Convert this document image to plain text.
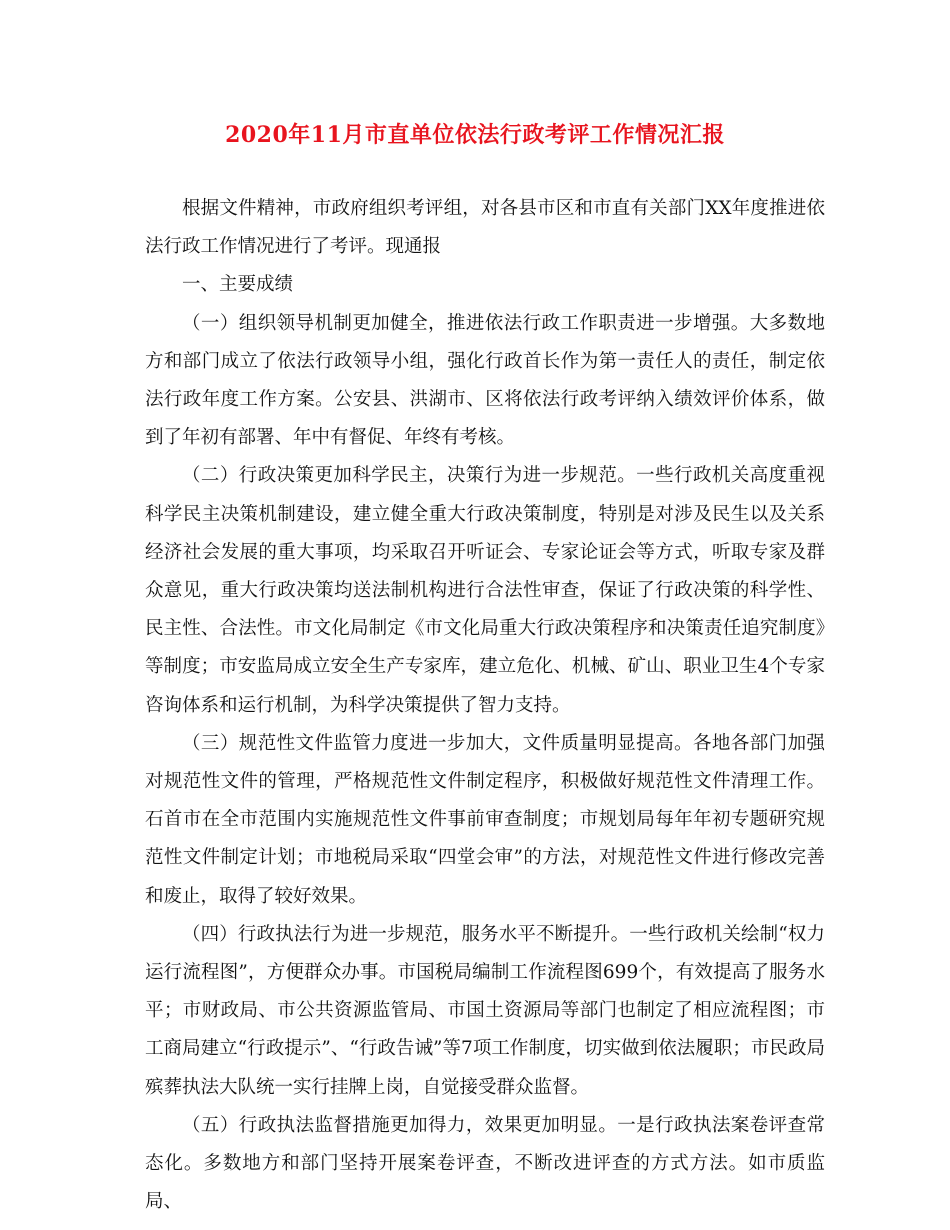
2020年11月市直单位依法行政考评工作情况汇报

根据文件精神，市政府组织考评组，对各县市区和市直有关部门XX年度推进依法行政工作情况进行了考评。现通报

一、主要成绩

（一）组织领导机制更加健全，推进依法行政工作职责进一步增强。大多数地方和部门成立了依法行政领导小组，强化行政首长作为第一责任人的责任，制定依法行政年度工作方案。公安县、洪湖市、区将依法行政考评纳入绩效评价体系，做到了年初有部署、年中有督促、年终有考核。

（二）行政决策更加科学民主，决策行为进一步规范。一些行政机关高度重视科学民主决策机制建设，建立健全重大行政决策制度，特别是对涉及民生以及关系经济社会发展的重大事项，均采取召开听证会、专家论证会等方式，听取专家及群众意见，重大行政决策均送法制机构进行合法性审查，保证了行政决策的科学性、民主性、合法性。市文化局制定《市文化局重大行政决策程序和决策责任追究制度》等制度；市安监局成立安全生产专家库，建立危化、机械、矿山、职业卫生4个专家咨询体系和运行机制，为科学决策提供了智力支持。

（三）规范性文件监管力度进一步加大，文件质量明显提高。各地各部门加强对规范性文件的管理，严格规范性文件制定程序，积极做好规范性文件清理工作。石首市在全市范围内实施规范性文件事前审查制度；市规划局每年年初专题研究规范性文件制定计划；市地税局采取“四堂会审”的方法，对规范性文件进行修改完善和废止，取得了较好效果。

（四）行政执法行为进一步规范，服务水平不断提升。一些行政机关绘制“权力运行流程图”，方便群众办事。市国税局编制工作流程图699个，有效提高了服务水平；市财政局、市公共资源监管局、市国土资源局等部门也制定了相应流程图；市工商局建立“行政提示”、“行政告诫”等7项工作制度，切实做到依法履职；市民政局殡葬执法大队统一实行挂牌上岗，自觉接受群众监督。

（五）行政执法监督措施更加得力，效果更加明显。一是行政执法案卷评查常态化。多数地方和部门坚持开展案卷评查，不断改进评查的方式方法。如市质监局、
